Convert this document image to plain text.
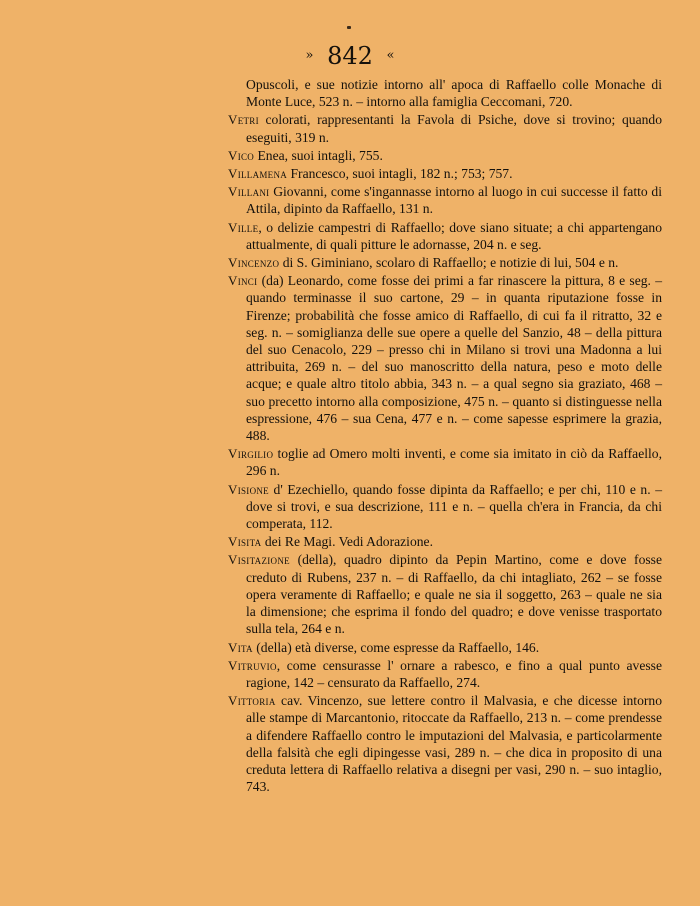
» 842 «
Opuscoli, e sue notizie intorno all' apoca di Raffaello colle Monache di Monte Luce, 523 n. – intorno alla famiglia Ceccomani, 720.
Vetri colorati, rappresentanti la Favola di Psiche, dove si trovino; quando eseguiti, 319 n.
Vico Enea, suoi intagli, 755.
Villamena Francesco, suoi intagli, 182 n.; 753; 757.
Villani Giovanni, come s'ingannasse intorno al luogo in cui successe il fatto di Attila, dipinto da Raffaello, 131 n.
Ville, o delizie campestri di Raffaello; dove siano situate; a chi appartengano attualmente, di quali pitture le adornasse, 204 n. e seg.
Vincenzo di S. Giminiano, scolaro di Raffaello; e notizie di lui, 504 e n.
Vinci (da) Leonardo, come fosse dei primi a far rinascere la pittura, 8 e seg. – quando terminasse il suo cartone, 29 – in quanta riputazione fosse in Firenze; probabilità che fosse amico di Raffaello, di cui fa il ritratto, 32 e seg. n. – somiglianza delle sue opere a quelle del Sanzio, 48 – della pittura del suo Cenacolo, 229 – presso chi in Milano si trovi una Madonna a lui attribuita, 269 n. – del suo manoscritto della natura, peso e moto delle acque; e quale altro titolo abbia, 343 n. – a qual segno sia graziato, 468 – suo precetto intorno alla composizione, 475 n. – quanto si distinguesse nella espressione, 476 – sua Cena, 477 e n. – come sapesse esprimere la grazia, 488.
Virgilio toglie ad Omero molti inventi, e come sia imitato in ciò da Raffaello, 296 n.
Visione d' Ezechiello, quando fosse dipinta da Raffaello; e per chi, 110 e n. – dove si trovi, e sua descrizione, 111 e n. – quella ch'era in Francia, da chi comperata, 112.
Visita dei Re Magi. Vedi Adorazione.
Visitazione (della), quadro dipinto da Pepin Martino, come e dove fosse creduto di Rubens, 237 n. – di Raffaello, da chi intagliato, 262 – se fosse opera veramente di Raffaello; e quale ne sia il soggetto, 263 – quale ne sia la dimensione; che esprima il fondo del quadro; e dove venisse trasportato sulla tela, 264 e n.
Vita (della) età diverse, come espresse da Raffaello, 146.
Vitruvio, come censurasse l' ornare a rabesco, e fino a qual punto avesse ragione, 142 – censurato da Raffaello, 274.
Vittoria cav. Vincenzo, sue lettere contro il Malvasia, e che dicesse intorno alle stampe di Marcantonio, ritoccate da Raffaello, 213 n. – come prendesse a difendere Raffaello contro le imputazioni del Malvasia, e particolarmente della falsità che egli dipingesse vasi, 289 n. – che dica in proposito di una creduta lettera di Raffaello relativa a disegni per vasi, 290 n. – suo intaglio, 743.
